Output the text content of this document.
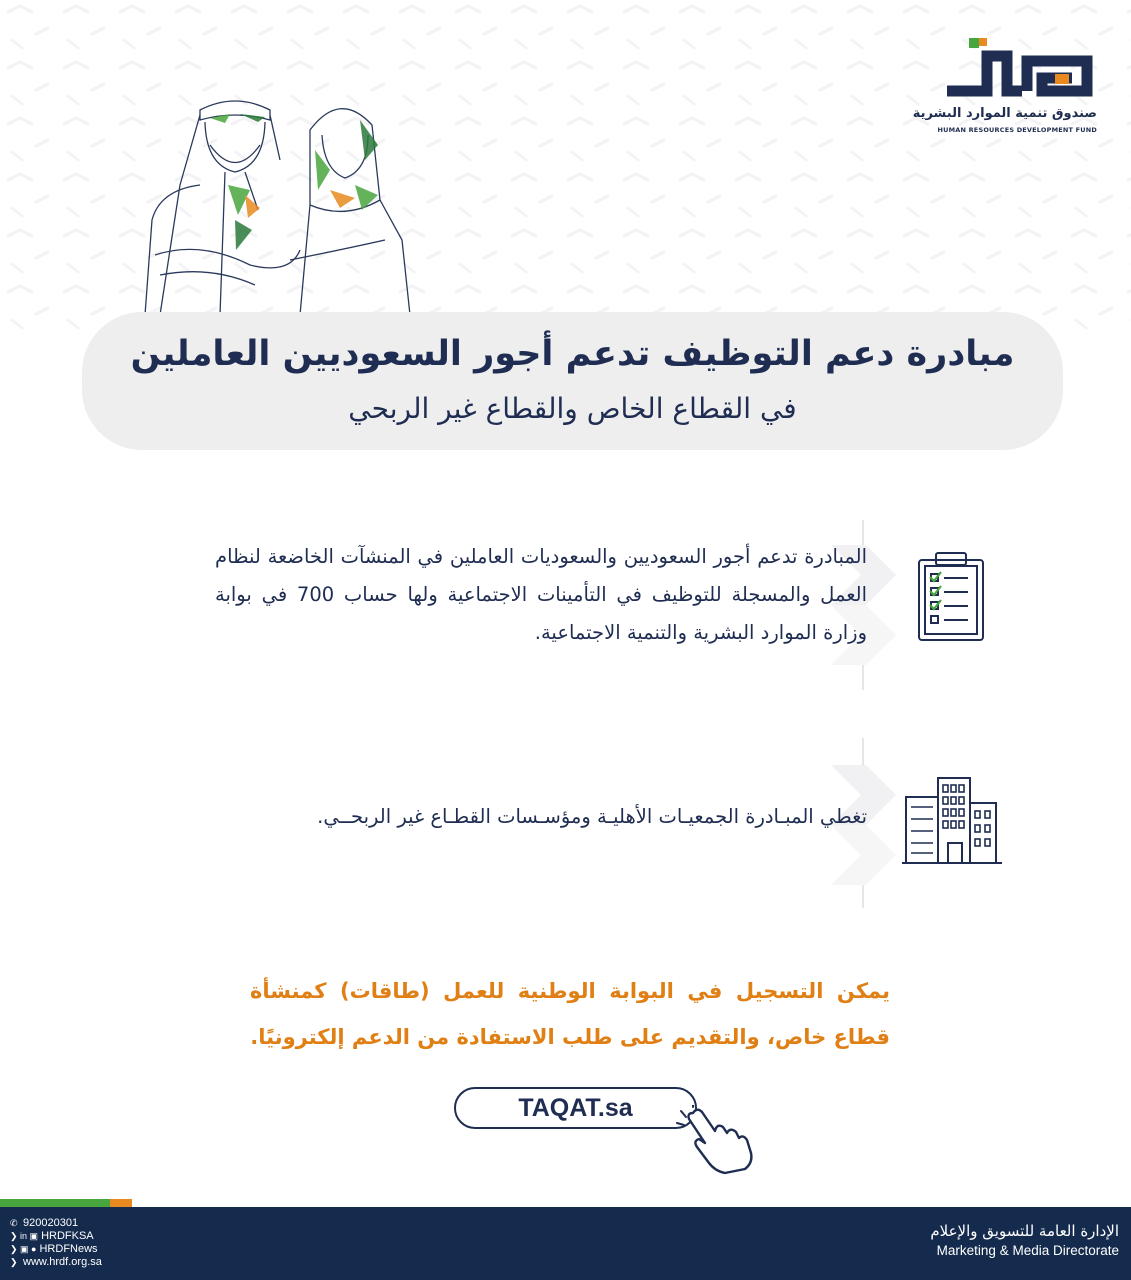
صندوق تنمية الموارد البشرية
HUMAN RESOURCES DEVELOPMENT FUND
مبادرة دعم التوظيف تدعم أجور السعوديين العاملين
في القطاع الخاص والقطاع غير الربحي
المبادرة تدعم أجور السعوديين والسعوديات العاملين في المنشآت الخاضعة لنظام العمل والمسجلة للتوظيف في التأمينات الاجتماعية ولها حساب 700 في بوابة وزارة الموارد البشرية والتنمية الاجتماعية.
تغطي المبـادرة الجمعيـات الأهليـة ومؤسـسات القطـاع غير الربحــي.
يمكن التسجيل في البوابة الوطنية للعمل (طاقات) كمنشأة قطاع خاص، والتقديم على طلب الاستفادة من الدعم إلكترونيًا.
TAQAT.sa
✆ 920020301
❯ in ▣ HRDFKSA
❯ ▣ ● HRDFNews
❯ www.hrdf.org.sa
الإدارة العامة للتسويق والإعلام
Marketing & Media Directorate
